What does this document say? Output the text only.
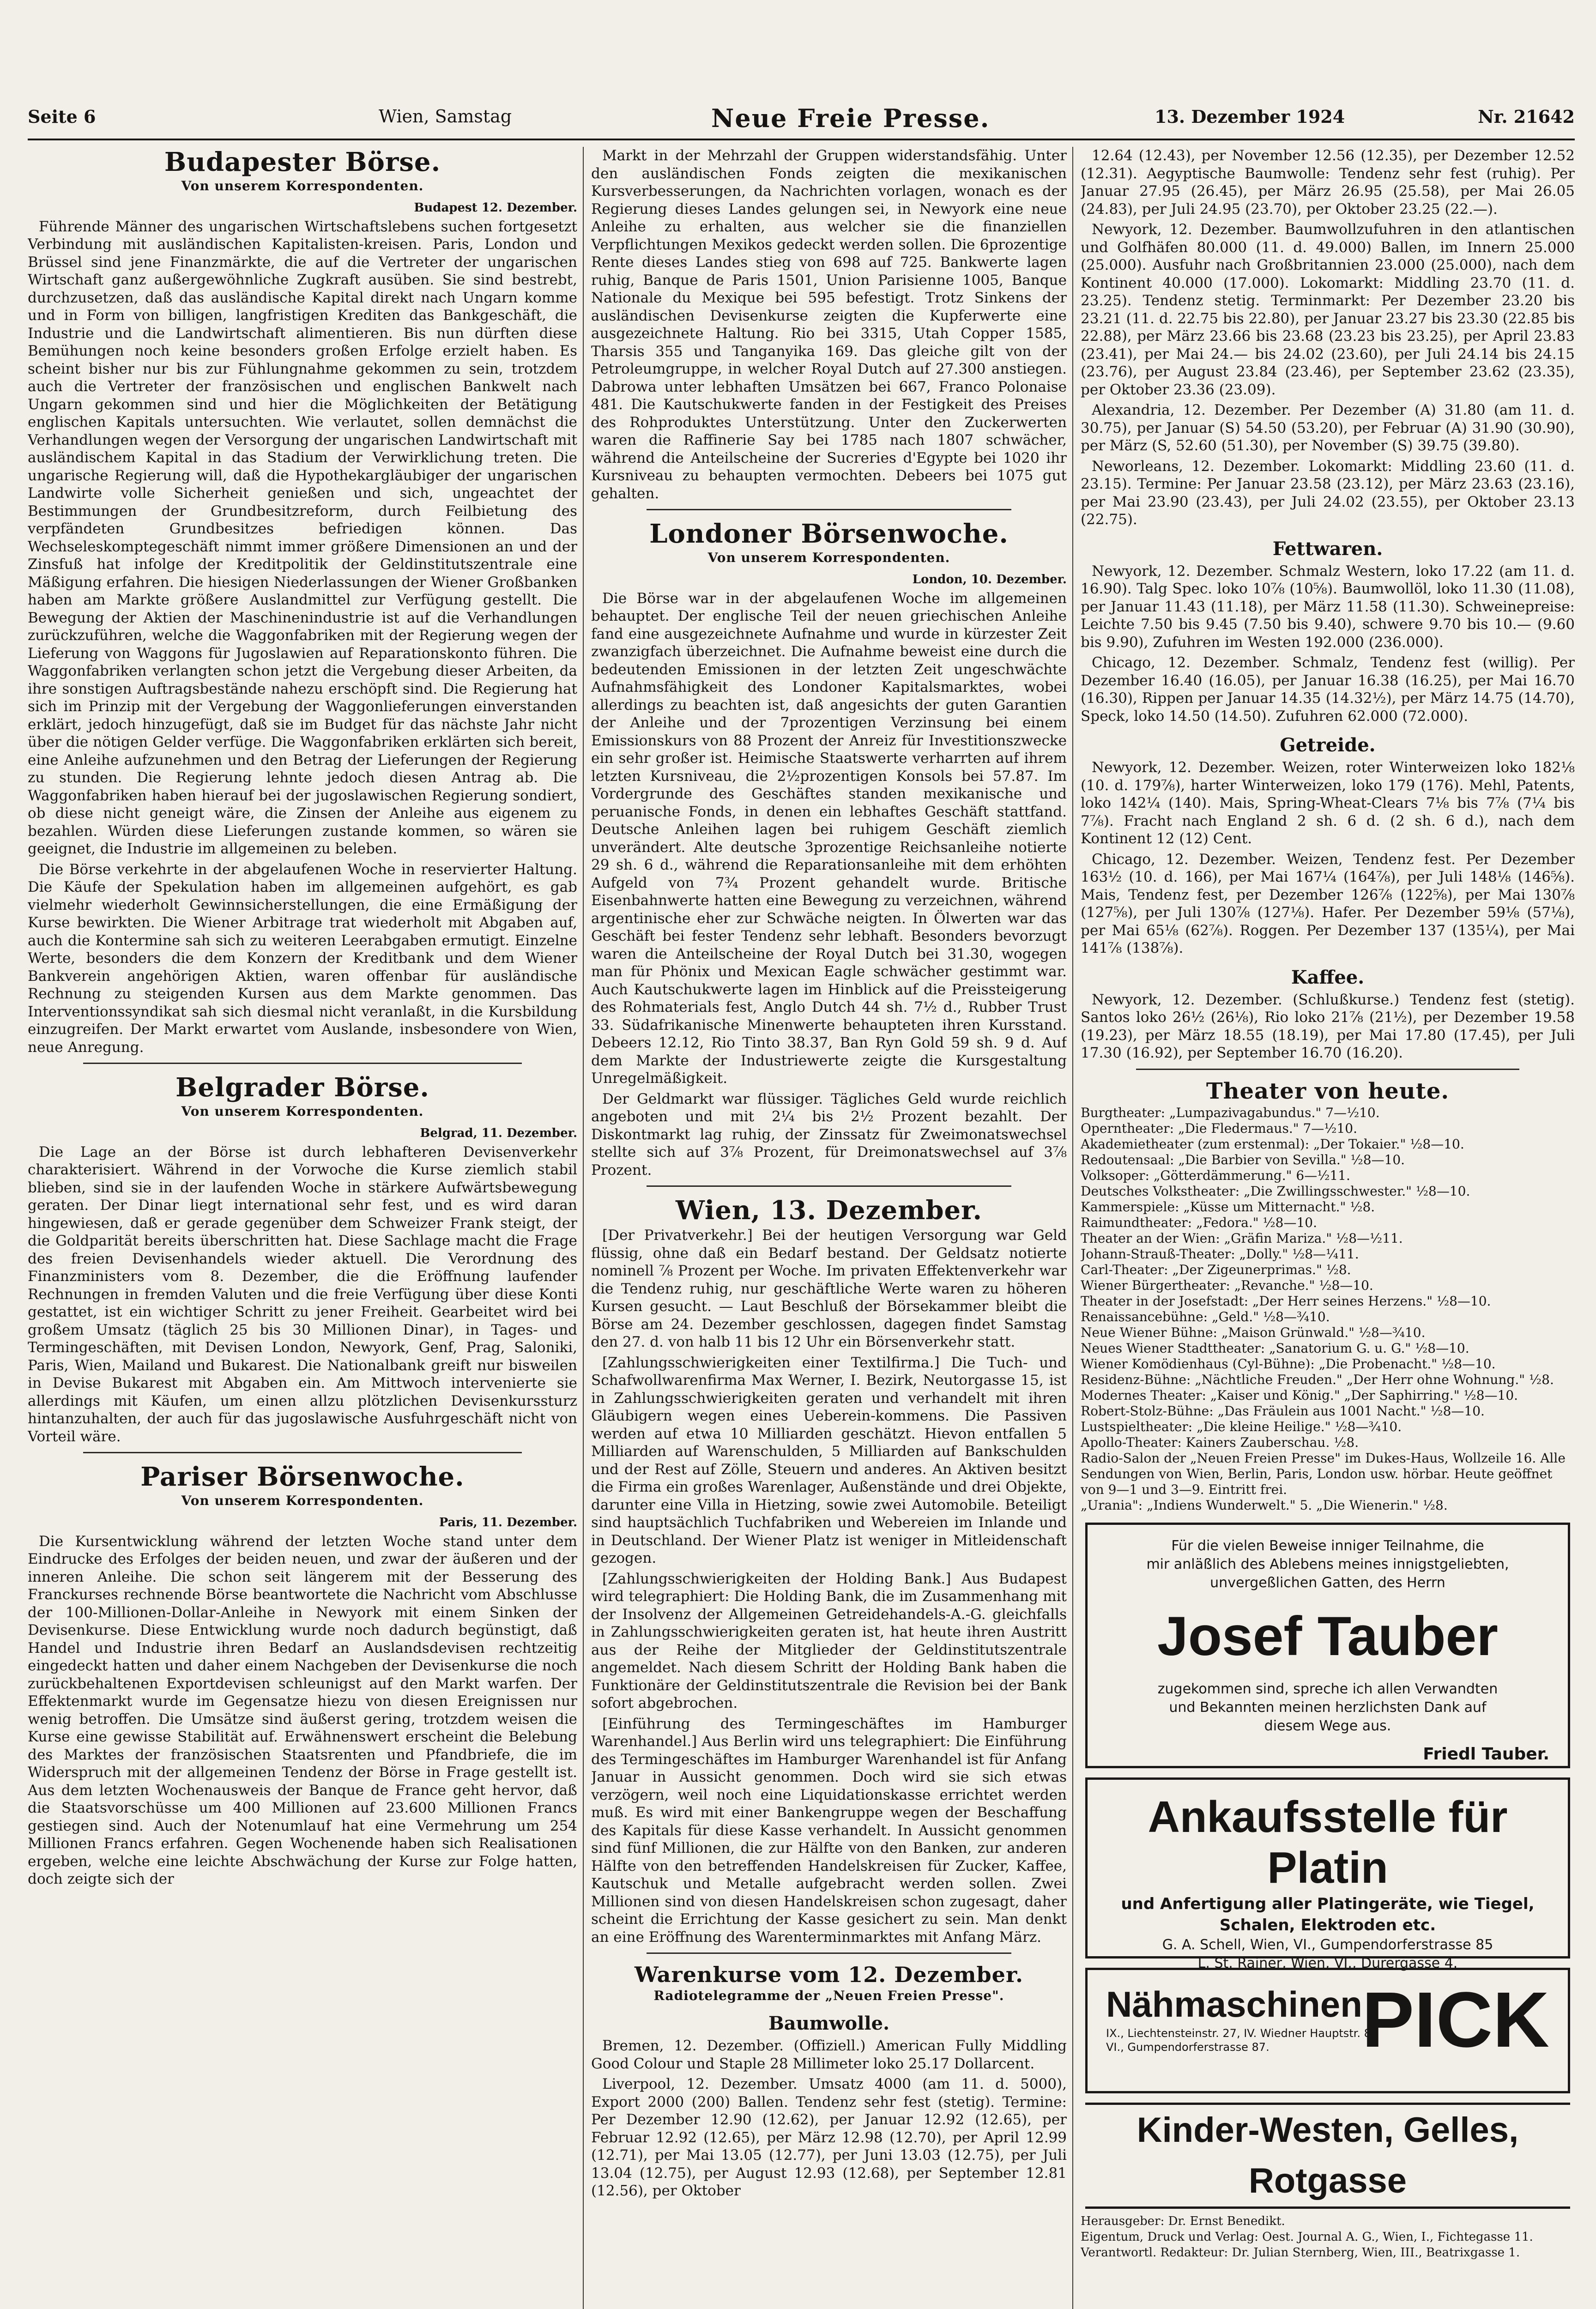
Seite 6	Wien, Samstag	Neue Freie Presse.	13. Dezember 1924	Nr. 21642
Budapester Börse.
Von unserem Korrespondenten.

Budapest 12. Dezember.

Führende Männer des ungarischen Wirtschaftslebens suchen fortgesetzt Verbindung mit ausländischen Kapitalisten-kreisen. Paris, London und Brüssel sind jene Finanzmärkte, die auf die Vertreter der ungarischen Wirtschaft ganz außergewöhnliche Zugkraft ausüben. Sie sind bestrebt, durchzusetzen, daß das ausländische Kapital direkt nach Ungarn komme und in Form von billigen, langfristigen Krediten das Bankgeschäft, die Industrie und die Landwirtschaft alimentieren. Bis nun dürften diese Bemühungen noch keine besonders großen Erfolge erzielt haben. Es scheint bisher nur bis zur Fühlungnahme gekommen zu sein, trotzdem auch die Vertreter der französischen und englischen Bankwelt nach Ungarn gekommen sind und hier die Möglichkeiten der Betätigung englischen Kapitals untersuchten. Wie verlautet, sollen demnächst die Verhandlungen wegen der Versorgung der ungarischen Landwirtschaft mit ausländischem Kapital in das Stadium der Verwirklichung treten. Die ungarische Regierung will, daß die Hypothekargläubiger der ungarischen Landwirte volle Sicherheit genießen und sich, ungeachtet der Bestimmungen der Grundbesitzreform, durch Feilbietung des verpfändeten Grundbesitzes befriedigen können. Das Wechseleskomptegeschäft nimmt immer größere Dimensionen an und der Zinsfuß hat infolge der Kreditpolitik der Geldinstitutszentrale eine Mäßigung erfahren. Die hiesigen Niederlassungen der Wiener Großbanken haben am Markte größere Auslandmittel zur Verfügung gestellt. Die Bewegung der Aktien der Maschinenindustrie ist auf die Verhandlungen zurückzuführen, welche die Waggonfabriken mit der Regierung wegen der Lieferung von Waggons für Jugoslawien auf Reparationskonto führen. Die Waggonfabriken verlangten schon jetzt die Vergebung dieser Arbeiten, da ihre sonstigen Auftragsbestände nahezu erschöpft sind. Die Regierung hat sich im Prinzip mit der Vergebung der Waggonlieferungen einverstanden erklärt, jedoch hinzugefügt, daß sie im Budget für das nächste Jahr nicht über die nötigen Gelder verfüge. Die Waggonfabriken erklärten sich bereit, eine Anleihe aufzunehmen und den Betrag der Lieferungen der Regierung zu stunden. Die Regierung lehnte jedoch diesen Antrag ab. Die Waggonfabriken haben hierauf bei der jugoslawischen Regierung sondiert, ob diese nicht geneigt wäre, die Zinsen der Anleihe aus eigenem zu bezahlen. Würden diese Lieferungen zustande kommen, so wären sie geeignet, die Industrie im allgemeinen zu beleben.

Die Börse verkehrte in der abgelaufenen Woche in reservierter Haltung. Die Käufe der Spekulation haben im allgemeinen aufgehört, es gab vielmehr wiederholt Gewinnsicherstellungen, die eine Ermäßigung der Kurse bewirkten. Die Wiener Arbitrage trat wiederholt mit Abgaben auf, auch die Kontermine sah sich zu weiteren Leerabgaben ermutigt. Einzelne Werte, besonders die dem Konzern der Kreditbank und dem Wiener Bankverein angehörigen Aktien, waren offenbar für ausländische Rechnung zu steigenden Kursen aus dem Markte genommen. Das Interventionssyndikat sah sich diesmal nicht veranlaßt, in die Kursbildung einzugreifen. Der Markt erwartet vom Auslande, insbesondere von Wien, neue Anregung.

Belgrader Börse.
Von unserem Korrespondenten.

Belgrad, 11. Dezember.

Die Lage an der Börse ist durch lebhafteren Devisenverkehr charakterisiert. Während in der Vorwoche die Kurse ziemlich stabil blieben, sind sie in der laufenden Woche in stärkere Aufwärtsbewegung geraten. Der Dinar liegt international sehr fest, und es wird daran hingewiesen, daß er gerade gegenüber dem Schweizer Frank steigt, der die Goldparität bereits überschritten hat. Diese Sachlage macht die Frage des freien Devisenhandels wieder aktuell. Die Verordnung des Finanzministers vom 8. Dezember, die die Eröffnung laufender Rechnungen in fremden Valuten und die freie Verfügung über diese Konti gestattet, ist ein wichtiger Schritt zu jener Freiheit. Gearbeitet wird bei großem Umsatz (täglich 25 bis 30 Millionen Dinar), in Tages- und Termingeschäften, mit Devisen London, Newyork, Genf, Prag, Saloniki, Paris, Wien, Mailand und Bukarest. Die Nationalbank greift nur bisweilen in Devise Bukarest mit Abgaben ein. Am Mittwoch intervenierte sie allerdings mit Käufen, um einen allzu plötzlichen Devisenkurssturz hintanzuhalten, der auch für das jugoslawische Ausfuhrgeschäft nicht von Vorteil wäre.

Pariser Börsenwoche.
Von unserem Korrespondenten.

Paris, 11. Dezember.

Die Kursentwicklung während der letzten Woche stand unter dem Eindrucke des Erfolges der beiden neuen, und zwar der äußeren und der inneren Anleihe. Die schon seit längerem mit der Besserung des Franckurses rechnende Börse beantwortete die Nachricht vom Abschlusse der 100-Millionen-Dollar-Anleihe in Newyork mit einem Sinken der Devisenkurse. Diese Entwicklung wurde noch dadurch begünstigt, daß Handel und Industrie ihren Bedarf an Auslandsdevisen rechtzeitig eingedeckt hatten und daher einem Nachgeben der Devisenkurse die noch zurückbehaltenen Exportdevisen schleunigst auf den Markt warfen. Der Effektenmarkt wurde im Gegensatze hiezu von diesen Ereignissen nur wenig betroffen. Die Umsätze sind äußerst gering, trotzdem weisen die Kurse eine gewisse Stabilität auf. Erwähnenswert erscheint die Belebung des Marktes der französischen Staatsrenten und Pfandbriefe, die im Widerspruch mit der allgemeinen Tendenz der Börse in Frage gestellt ist. Aus dem letzten Wochenausweis der Banque de France geht hervor, daß die Staatsvorschüsse um 400 Millionen auf 23.600 Millionen Francs gestiegen sind. Auch der Notenumlauf hat eine Vermehrung um 254 Millionen Francs erfahren. Gegen Wochenende haben sich Realisationen ergeben, welche eine leichte Abschwächung der Kurse zur Folge hatten, doch zeigte sich der

Markt in der Mehrzahl der Gruppen widerstandsfähig. Unter den ausländischen Fonds zeigten die mexikanischen Kursverbesserungen, da Nachrichten vorlagen, wonach es der Regierung dieses Landes gelungen sei, in Newyork eine neue Anleihe zu erhalten, aus welcher sie die finanziellen Verpflichtungen Mexikos gedeckt werden sollen. Die 6prozentige Rente dieses Landes stieg von 698 auf 725. Bankwerte lagen ruhig, Banque de Paris 1501, Union Parisienne 1005, Banque Nationale du Mexique bei 595 befestigt. Trotz Sinkens der ausländischen Devisenkurse zeigten die Kupferwerte eine ausgezeichnete Haltung. Rio bei 3315, Utah Copper 1585, Tharsis 355 und Tanganyika 169. Das gleiche gilt von der Petroleumgruppe, in welcher Royal Dutch auf 27.300 anstiegen. Dabrowa unter lebhaften Umsätzen bei 667, Franco Polonaise 481. Die Kautschukwerte fanden in der Festigkeit des Preises des Rohproduktes Unterstützung. Unter den Zuckerwerten waren die Raffinerie Say bei 1785 nach 1807 schwächer, während die Anteilscheine der Sucreries d'Egypte bei 1020 ihr Kursniveau zu behaupten vermochten. Debeers bei 1075 gut gehalten.

Londoner Börsenwoche.
Von unserem Korrespondenten.

London, 10. Dezember.

Die Börse war in der abgelaufenen Woche im allgemeinen behauptet. Der englische Teil der neuen griechischen Anleihe fand eine ausgezeichnete Aufnahme und wurde in kürzester Zeit zwanzigfach überzeichnet. Die Aufnahme beweist eine durch die bedeutenden Emissionen in der letzten Zeit ungeschwächte Aufnahmsfähigkeit des Londoner Kapitalsmarktes, wobei allerdings zu beachten ist, daß angesichts der guten Garantien der Anleihe und der 7prozentigen Verzinsung bei einem Emissionskurs von 88 Prozent der Anreiz für Investitionszwecke ein sehr großer ist. Heimische Staatswerte verharrten auf ihrem letzten Kursniveau, die 2½prozentigen Konsols bei 57.87. Im Vordergrunde des Geschäftes standen mexikanische und peruanische Fonds, in denen ein lebhaftes Geschäft stattfand. Deutsche Anleihen lagen bei ruhigem Geschäft ziemlich unverändert. Alte deutsche 3prozentige Reichsanleihe notierte 29 sh. 6 d., während die Reparationsanleihe mit dem erhöhten Aufgeld von 7¾ Prozent gehandelt wurde. Britische Eisenbahnwerte hatten eine Bewegung zu verzeichnen, während argentinische eher zur Schwäche neigten. In Ölwerten war das Geschäft bei fester Tendenz sehr lebhaft. Besonders bevorzugt waren die Anteilscheine der Royal Dutch bei 31.30, wogegen man für Phönix und Mexican Eagle schwächer gestimmt war. Auch Kautschukwerte lagen im Hinblick auf die Preissteigerung des Rohmaterials fest, Anglo Dutch 44 sh. 7½ d., Rubber Trust 33. Südafrikanische Minenwerte behaupteten ihren Kursstand. Debeers 12.12, Rio Tinto 38.37, Ban Ryn Gold 59 sh. 9 d. Auf dem Markte der Industriewerte zeigte die Kursgestaltung Unregelmäßigkeit.

Der Geldmarkt war flüssiger. Tägliches Geld wurde reichlich angeboten und mit 2¼ bis 2½ Prozent bezahlt. Der Diskontmarkt lag ruhig, der Zinssatz für Zweimonatswechsel stellte sich auf 3⅞ Prozent, für Dreimonatswechsel auf 3⅞ Prozent.

Wien, 13. Dezember.

[Der Privatverkehr.] Bei der heutigen Versorgung war Geld flüssig, ohne daß ein Bedarf bestand. Der Geldsatz notierte nominell ⅞ Prozent per Woche. Im privaten Effektenverkehr war die Tendenz ruhig, nur geschäftliche Werte waren zu höheren Kursen gesucht. — Laut Beschluß der Börsekammer bleibt die Börse am 24. Dezember geschlossen, dagegen findet Samstag den 27. d. von halb 11 bis 12 Uhr ein Börsenverkehr statt.

[Zahlungsschwierigkeiten einer Textilfirma.] Die Tuch- und Schafwollwarenfirma Max Werner, I. Bezirk, Neutorgasse 15, ist in Zahlungsschwierigkeiten geraten und verhandelt mit ihren Gläubigern wegen eines Ueberein-kommens. Die Passiven werden auf etwa 10 Milliarden geschätzt. Hievon entfallen 5 Milliarden auf Warenschulden, 5 Milliarden auf Bankschulden und der Rest auf Zölle, Steuern und anderes. An Aktiven besitzt die Firma ein großes Warenlager, Außenstände und drei Objekte, darunter eine Villa in Hietzing, sowie zwei Automobile. Beteiligt sind hauptsächlich Tuchfabriken und Webereien im Inlande und in Deutschland. Der Wiener Platz ist weniger in Mitleidenschaft gezogen.

[Zahlungsschwierigkeiten der Holding Bank.] Aus Budapest wird telegraphiert: Die Holding Bank, die im Zusammenhang mit der Insolvenz der Allgemeinen Getreidehandels-A.-G. gleichfalls in Zahlungsschwierigkeiten geraten ist, hat heute ihren Austritt aus der Reihe der Mitglieder der Geldinstitutszentrale angemeldet. Nach diesem Schritt der Holding Bank haben die Funktionäre der Geldinstitutszentrale die Revision bei der Bank sofort abgebrochen.

[Einführung des Termingeschäftes im Hamburger Warenhandel.] Aus Berlin wird uns telegraphiert: Die Einführung des Termingeschäftes im Hamburger Warenhandel ist für Anfang Januar in Aussicht genommen. Doch wird sie sich etwas verzögern, weil noch eine Liquidationskasse errichtet werden muß. Es wird mit einer Bankengruppe wegen der Beschaffung des Kapitals für diese Kasse verhandelt. In Aussicht genommen sind fünf Millionen, die zur Hälfte von den Banken, zur anderen Hälfte von den betreffenden Handelskreisen für Zucker, Kaffee, Kautschuk und Metalle aufgebracht werden sollen. Zwei Millionen sind von diesen Handelskreisen schon zugesagt, daher scheint die Errichtung der Kasse gesichert zu sein. Man denkt an eine Eröffnung des Warenterminmarktes mit Anfang März.

Warenkurse vom 12. Dezember.
Radiotelegramme der „Neuen Freien Presse".
Baumwolle.

Bremen, 12. Dezember. (Offiziell.) American Fully Middling Good Colour und Staple 28 Millimeter loko 25.17 Dollarcent.

Liverpool, 12. Dezember. Umsatz 4000 (am 11. d. 5000), Export 2000 (200) Ballen. Tendenz sehr fest (stetig). Termine: Per Dezember 12.90 (12.62), per Januar 12.92 (12.65), per Februar 12.92 (12.65), per März 12.98 (12.70), per April 12.99 (12.71), per Mai 13.05 (12.77), per Juni 13.03 (12.75), per Juli 13.04 (12.75), per August 12.93 (12.68), per September 12.81 (12.56), per Oktober

12.64 (12.43), per November 12.56 (12.35), per Dezember 12.52 (12.31). Aegyptische Baumwolle: Tendenz sehr fest (ruhig). Per Januar 27.95 (26.45), per März 26.95 (25.58), per Mai 26.05 (24.83), per Juli 24.95 (23.70), per Oktober 23.25 (22.—).

Newyork, 12. Dezember. Baumwollzufuhren in den atlantischen und Golfhäfen 80.000 (11. d. 49.000) Ballen, im Innern 25.000 (25.000). Ausfuhr nach Großbritannien 23.000 (25.000), nach dem Kontinent 40.000 (17.000). Lokomarkt: Middling 23.70 (11. d. 23.25). Tendenz stetig. Terminmarkt: Per Dezember 23.20 bis 23.21 (11. d. 22.75 bis 22.80), per Januar 23.27 bis 23.30 (22.85 bis 22.88), per März 23.66 bis 23.68 (23.23 bis 23.25), per April 23.83 (23.41), per Mai 24.— bis 24.02 (23.60), per Juli 24.14 bis 24.15 (23.76), per August 23.84 (23.46), per September 23.62 (23.35), per Oktober 23.36 (23.09).

Alexandria, 12. Dezember. Per Dezember (A) 31.80 (am 11. d. 30.75), per Januar (S) 54.50 (53.20), per Februar (A) 31.90 (30.90), per März (S, 52.60 (51.30), per November (S) 39.75 (39.80).

Neworleans, 12. Dezember. Lokomarkt: Middling 23.60 (11. d. 23.15). Termine: Per Januar 23.58 (23.12), per März 23.63 (23.16), per Mai 23.90 (23.43), per Juli 24.02 (23.55), per Oktober 23.13 (22.75).

Fettwaren.

Newyork, 12. Dezember. Schmalz Western, loko 17.22 (am 11. d. 16.90). Talg Spec. loko 10⅞ (10⅝). Baumwollöl, loko 11.30 (11.08), per Januar 11.43 (11.18), per März 11.58 (11.30). Schweinepreise: Leichte 7.50 bis 9.45 (7.50 bis 9.40), schwere 9.70 bis 10.— (9.60 bis 9.90), Zufuhren im Westen 192.000 (236.000).

Chicago, 12. Dezember. Schmalz, Tendenz fest (willig). Per Dezember 16.40 (16.05), per Januar 16.38 (16.25), per Mai 16.70 (16.30), Rippen per Januar 14.35 (14.32½), per März 14.75 (14.70), Speck, loko 14.50 (14.50). Zufuhren 62.000 (72.000).

Getreide.

Newyork, 12. Dezember. Weizen, roter Winterweizen loko 182⅛ (10. d. 179⅞), harter Winterweizen, loko 179 (176). Mehl, Patents, loko 142¼ (140). Mais, Spring-Wheat-Clears 7⅛ bis 7⅞ (7¼ bis 7⅞). Fracht nach England 2 sh. 6 d. (2 sh. 6 d.), nach dem Kontinent 12 (12) Cent.

Chicago, 12. Dezember. Weizen, Tendenz fest. Per Dezember 163½ (10. d. 166), per Mai 167¼ (164⅞), per Juli 148⅛ (146⅝). Mais, Tendenz fest, per Dezember 126⅞ (122⅝), per Mai 130⅞ (127⅝), per Juli 130⅞ (127⅛). Hafer. Per Dezember 59⅛ (57⅛), per Mai 65⅛ (62⅞). Roggen. Per Dezember 137 (135¼), per Mai 141⅞ (138⅞).

Kaffee.

Newyork, 12. Dezember. (Schlußkurse.) Tendenz fest (stetig). Santos loko 26½ (26⅛), Rio loko 21⅞ (21½), per Dezember 19.58 (19.23), per März 18.55 (18.19), per Mai 17.80 (17.45), per Juli 17.30 (16.92), per September 16.70 (16.20).

Theater von heute.

Burgtheater: „Lumpazivagabundus." 7—½10.

Operntheater: „Die Fledermaus." 7—½10.

Akademietheater (zum erstenmal): „Der Tokaier." ½8—10.

Redoutensaal: „Die Barbier von Sevilla." ½8—10.

Volksoper: „Götterdämmerung." 6—½11.

Deutsches Volkstheater: „Die Zwillingsschwester." ½8—10.

Kammerspiele: „Küsse um Mitternacht." ½8.

Raimundtheater: „Fedora." ½8—10.

Theater an der Wien: „Gräfin Mariza." ½8—½11.

Johann-Strauß-Theater: „Dolly." ½8—¼11.

Carl-Theater: „Der Zigeunerprimas." ½8.

Wiener Bürgertheater: „Revanche." ½8—10.

Theater in der Josefstadt: „Der Herr seines Herzens." ½8—10.

Renaissancebühne: „Geld." ½8—¾10.

Neue Wiener Bühne: „Maison Grünwald." ½8—¾10.

Neues Wiener Stadttheater: „Sanatorium G. u. G." ½8—10.

Wiener Komödienhaus (Cyl-Bühne): „Die Probenacht." ½8—10.

Residenz-Bühne: „Nächtliche Freuden." „Der Herr ohne Wohnung." ½8.

Modernes Theater: „Kaiser und König." „Der Saphirring." ½8—10.

Robert-Stolz-Bühne: „Das Fräulein aus 1001 Nacht." ½8—10.

Lustspieltheater: „Die kleine Heilige." ½8—¾10.

Apollo-Theater: Kainers Zauberschau. ½8.

Radio-Salon der „Neuen Freien Presse" im Dukes-Haus, Wollzeile 16. Alle Sendungen von Wien, Berlin, Paris, London usw. hörbar. Heute geöffnet von 9—1 und 3—9. Eintritt frei.

„Urania": „Indiens Wunderwelt." 5. „Die Wienerin." ½8.

Für die vielen Beweise inniger Teilnahme, die
mir anläßlich des Ablebens meines innigstgeliebten,
unvergeßlichen Gatten, des Herrn
Josef Tauber
zugekommen sind, spreche ich allen Verwandten
und Bekannten meinen herzlichsten Dank auf
diesem Wege aus.
Friedl Tauber.
Ankaufsstelle für Platin
und Anfertigung aller Platingeräte, wie Tiegel, Schalen, Elektroden etc.
G. A. Schell, Wien, VI., Gumpendorferstrasse 85
L. St. Rainer, Wien, VI., Dürergasse 4.
Nähmaschinen
IX., Liechtensteinstr. 27, IV. Wiedner Hauptstr. 8,
VI., Gumpendorferstrasse 87.	PICK
Kinder-Westen, Gelles, Rotgasse

Herausgeber: Dr. Ernst Benedikt.

Eigentum, Druck und Verlag: Oest. Journal A. G., Wien, I., Fichtegasse 11.

Verantwortl. Redakteur: Dr. Julian Sternberg, Wien, III., Beatrixgasse 1.
